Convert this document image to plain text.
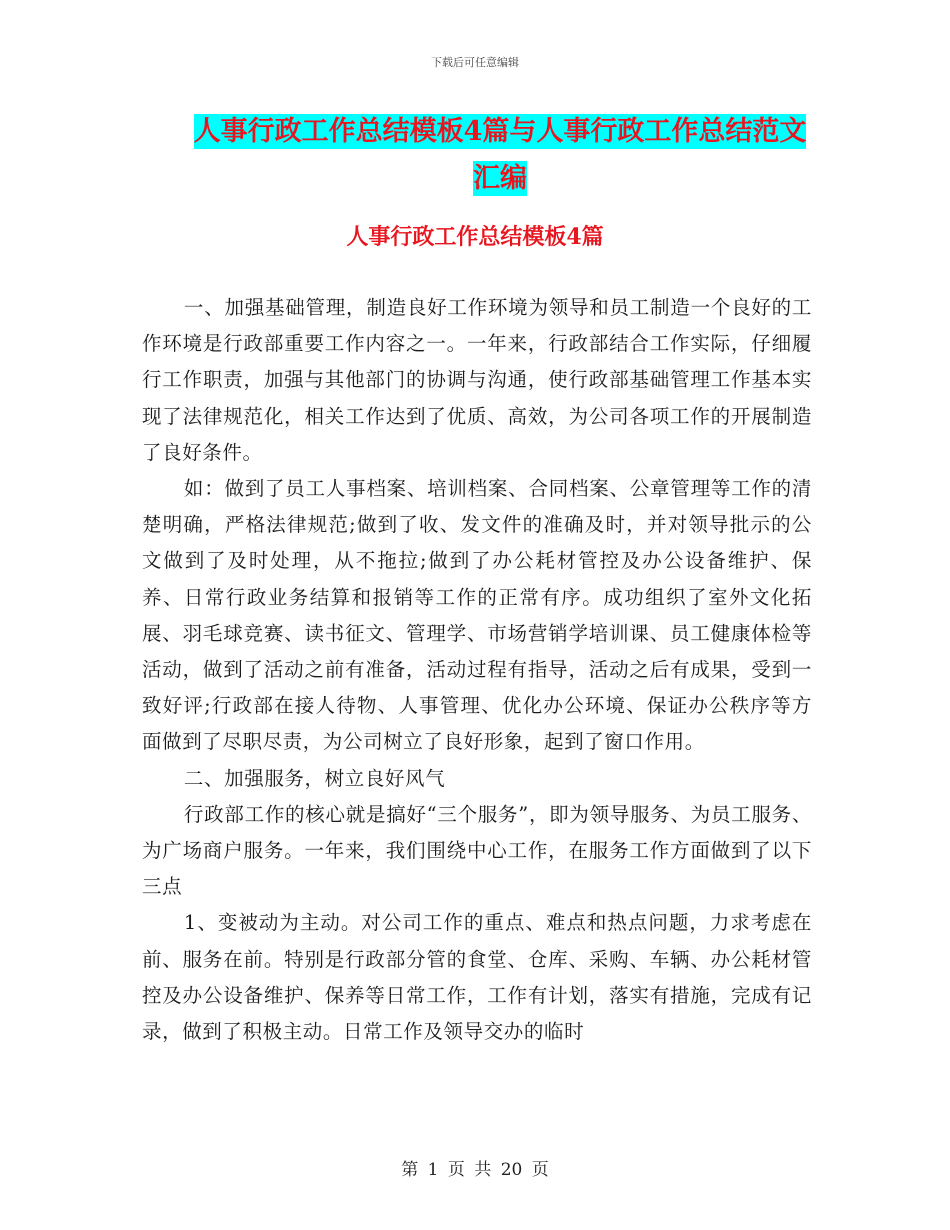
下载后可任意编辑
人事行政工作总结模板4篇与人事行政工作总结范文
汇编
人事行政工作总结模板4篇

一、加强基础管理，制造良好工作环境为领导和员工制造一个良好的工作环境是行政部重要工作内容之一。一年来，行政部结合工作实际，仔细履行工作职责，加强与其他部门的协调与沟通，使行政部基础管理工作基本实现了法律规范化，相关工作达到了优质、高效，为公司各项工作的开展制造了良好条件。

如：做到了员工人事档案、培训档案、合同档案、公章管理等工作的清楚明确，严格法律规范;做到了收、发文件的准确及时，并对领导批示的公文做到了及时处理，从不拖拉;做到了办公耗材管控及办公设备维护、保养、日常行政业务结算和报销等工作的正常有序。成功组织了室外文化拓展、羽毛球竞赛、读书征文、管理学、市场营销学培训课、员工健康体检等活动，做到了活动之前有准备，活动过程有指导，活动之后有成果，受到一致好评;行政部在接人待物、人事管理、优化办公环境、保证办公秩序等方面做到了尽职尽责，为公司树立了良好形象，起到了窗口作用。

二、加强服务，树立良好风气

行政部工作的核心就是搞好“三个服务”，即为领导服务、为员工服务、为广场商户服务。一年来，我们围绕中心工作，在服务工作方面做到了以下三点

1、变被动为主动。对公司工作的重点、难点和热点问题，力求考虑在前、服务在前。特别是行政部分管的食堂、仓库、采购、车辆、办公耗材管控及办公设备维护、保养等日常工作，工作有计划，落实有措施，完成有记录，做到了积极主动。日常工作及领导交办的临时

第 1 页 共 20 页
